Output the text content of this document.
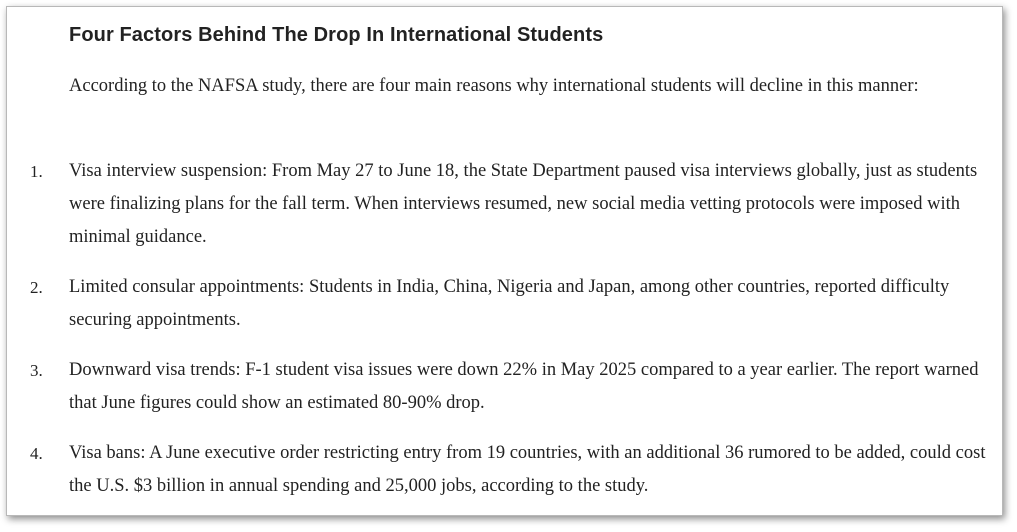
Four Factors Behind The Drop In International Students

According to the NAFSA study, there are four main reasons why international students will decline in this manner:

1. Visa interview suspension: From May 27 to June 18, the State Department paused visa interviews globally, just as students were finalizing plans for the fall term. When interviews resumed, new social media vetting protocols were imposed with minimal guidance.
2. Limited consular appointments: Students in India, China, Nigeria and Japan, among other countries, reported difficulty securing appointments.
3. Downward visa trends: F-1 student visa issues were down 22% in May 2025 compared to a year earlier. The report warned that June figures could show an estimated 80-90% drop.
4. Visa bans: A June executive order restricting entry from 19 countries, with an additional 36 rumored to be added, could cost the U.S. $3 billion in annual spending and 25,000 jobs, according to the study.
